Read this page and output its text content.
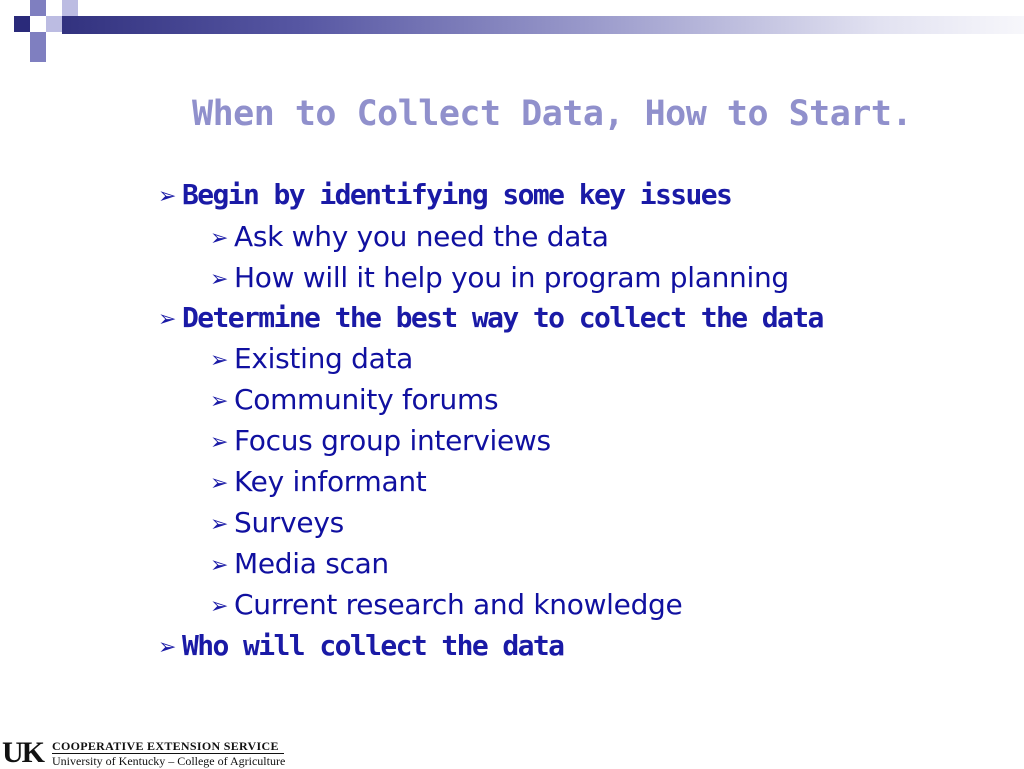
When to Collect Data, How to Start.
➢ Begin by identifying some key issues
➢ Ask why you need the data
➢ How will it help you in program planning
➢ Determine the best way to collect the data
➢ Existing data
➢ Community forums
➢ Focus group interviews
➢ Key informant
➢ Surveys
➢ Media scan
➢ Current research and knowledge
➢ Who will collect the data
UK COOPERATIVE EXTENSION SERVICE
University of Kentucky – College of Agriculture
